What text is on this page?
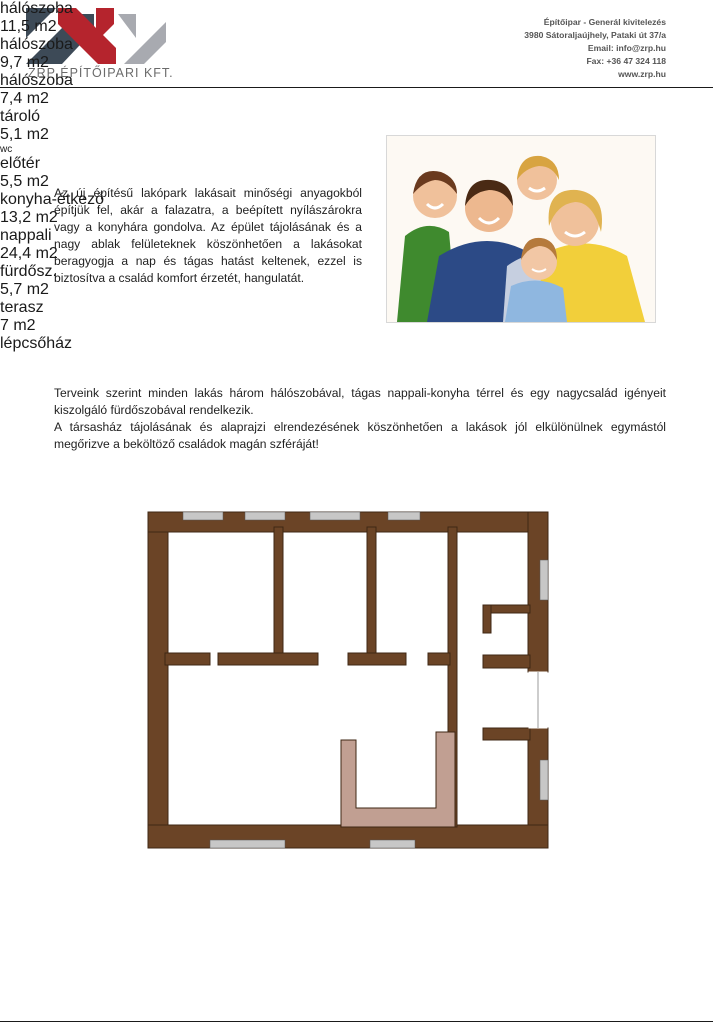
ZRP ÉPÍTŐIPARI KFT.
Építőipar - Generál kivitelezés
3980 Sátoraljaújhely, Pataki út 37/a
Email: info@zrp.hu
Fax: +36 47 324 118
www.zrp.hu
Az új építésű lakópark lakásait minőségi anyagokból építjük fel, akár a falazatra, a beépített nyílászárokra vagy a konyhára gondolva. Az épület tájolásának és a nagy ablak felületeknek köszönhetően a lakásokat beragyogja a nap és tágas hatást keltenek, ezzel is biztosítva a család komfort érzetét, hangulatát.

Terveink szerint minden lakás három hálószobával, tágas nappali-konyha térrel és egy nagycsalád igényeit kiszolgáló fürdőszobával rendelkezik.

A társasház tájolásának és alaprajzi elrendezésének köszönhetően a lakások jól elkülönülnek egymástól megőrizve a beköltöző családok magán szféráját!

hálószoba
11,5 m2
hálószoba
9,7 m2
hálószoba
7,4 m2
tároló
5,1 m2
wc
előtér
5,5 m2
konyha-étkező
13,2 m2
nappali
24,4 m2
fürdősz.
5,7 m2
terasz
7 m2
lépcsőház
